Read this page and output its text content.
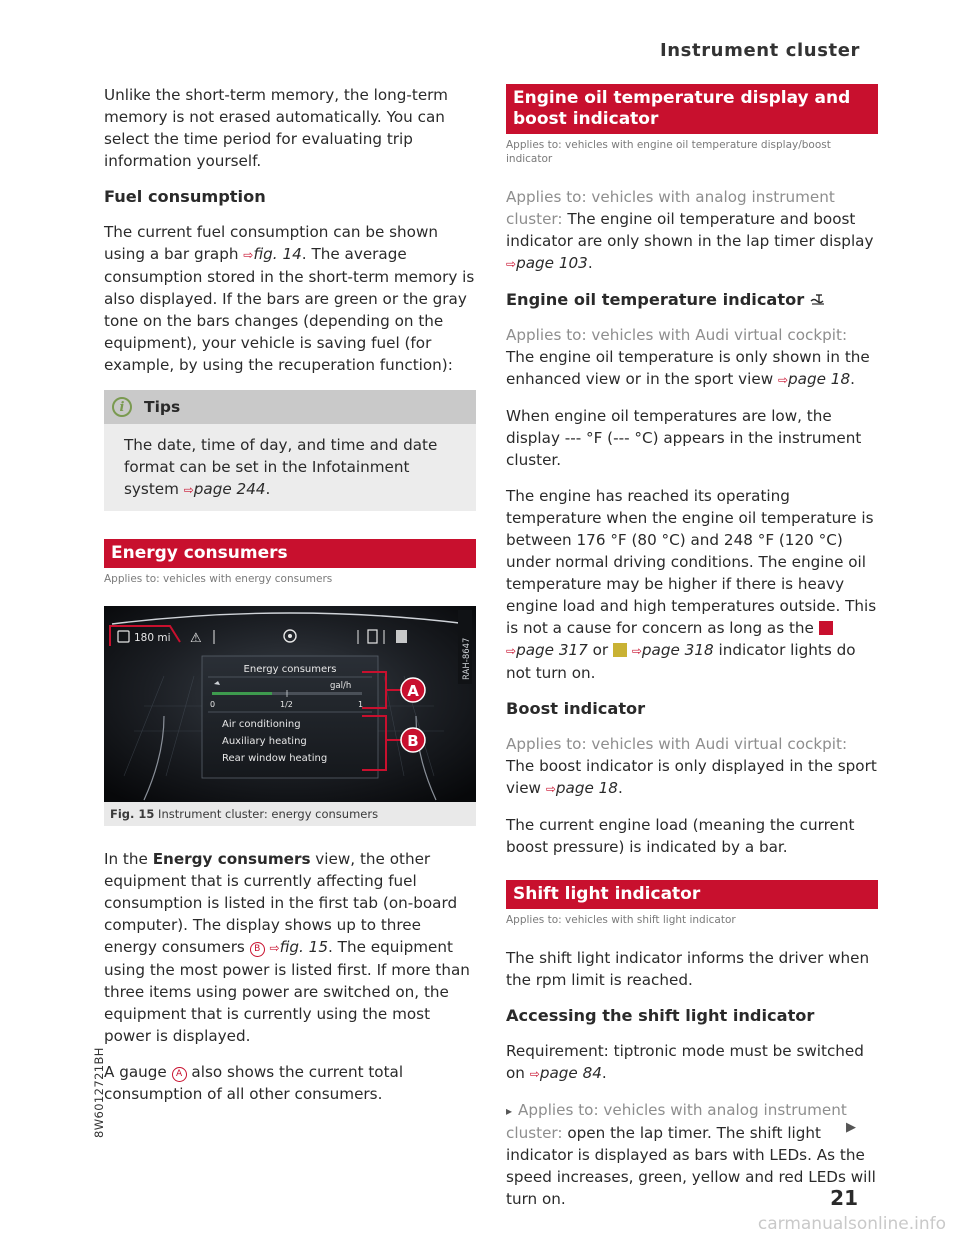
Instrument cluster

Unlike the short-term memory, the long-term memory is not erased automatically. You can select the time period for evaluating trip information yourself.

Fuel consumption

The current fuel consumption can be shown using a bar graph ⇨fig. 14. The average consumption stored in the short-term memory is also displayed. If the bars are green or the gray tone on the bars changes (depending on the equipment), your vehicle is saving fuel (for example, by using the recuperation function):

i	Tips
The date, time of day, and time and date format can be set in the Infotainment system ⇨page 244.
Energy consumers
Applies to: vehicles with energy consumers
180 mi ⚠	RAH-8647
Energy consumers
gal/h
0	1/2	1
Air conditioning
Auxiliary heating
Rear window heating
A
B
Fig. 15 Instrument cluster: energy consumers

In the Energy consumers view, the other equipment that is currently affecting fuel consumption is listed in the first tab (on-board computer). The display shows up to three energy consumers B ⇨fig. 15. The equipment using the most power is listed first. If more than three items using power are switched on, the equipment that is currently using the most power is displayed.

A gauge A also shows the current total consumption of all other consumers.

Engine oil temperature display and boost indicator
Applies to: vehicles with engine oil temperature display/boost indicator

Applies to: vehicles with analog instrument cluster: The engine oil temperature and boost indicator are only shown in the lap timer display ⇨page 103.

Engine oil temperature indicator

Applies to: vehicles with Audi virtual cockpit: The engine oil temperature is only shown in the enhanced view or in the sport view ⇨page 18.

When engine oil temperatures are low, the display --- °F (--- °C) appears in the instrument cluster.

The engine has reached its operating temperature when the engine oil temperature is between 176 °F (80 °C) and 248 °F (120 °C) under normal driving conditions. The engine oil temperature may be higher if there is heavy engine load and high temperatures outside. This is not a cause for concern as long as the  ⇨page 317 or  ⇨page 318 indicator lights do not turn on.

Boost indicator

Applies to: vehicles with Audi virtual cockpit: The boost indicator is only displayed in the sport view ⇨page 18.

The current engine load (meaning the current boost pressure) is indicated by a bar.

Shift light indicator
Applies to: vehicles with shift light indicator

The shift light indicator informs the driver when the rpm limit is reached.

Accessing the shift light indicator

Requirement: tiptronic mode must be switched on ⇨page 84.

▸ Applies to: vehicles with analog instrument cluster: open the lap timer. The shift light indicator is displayed as bars with LEDs. As the speed increases, green, yellow and red LEDs will turn on.

▶
21
8W6012721BH
carmanualsonline.info
